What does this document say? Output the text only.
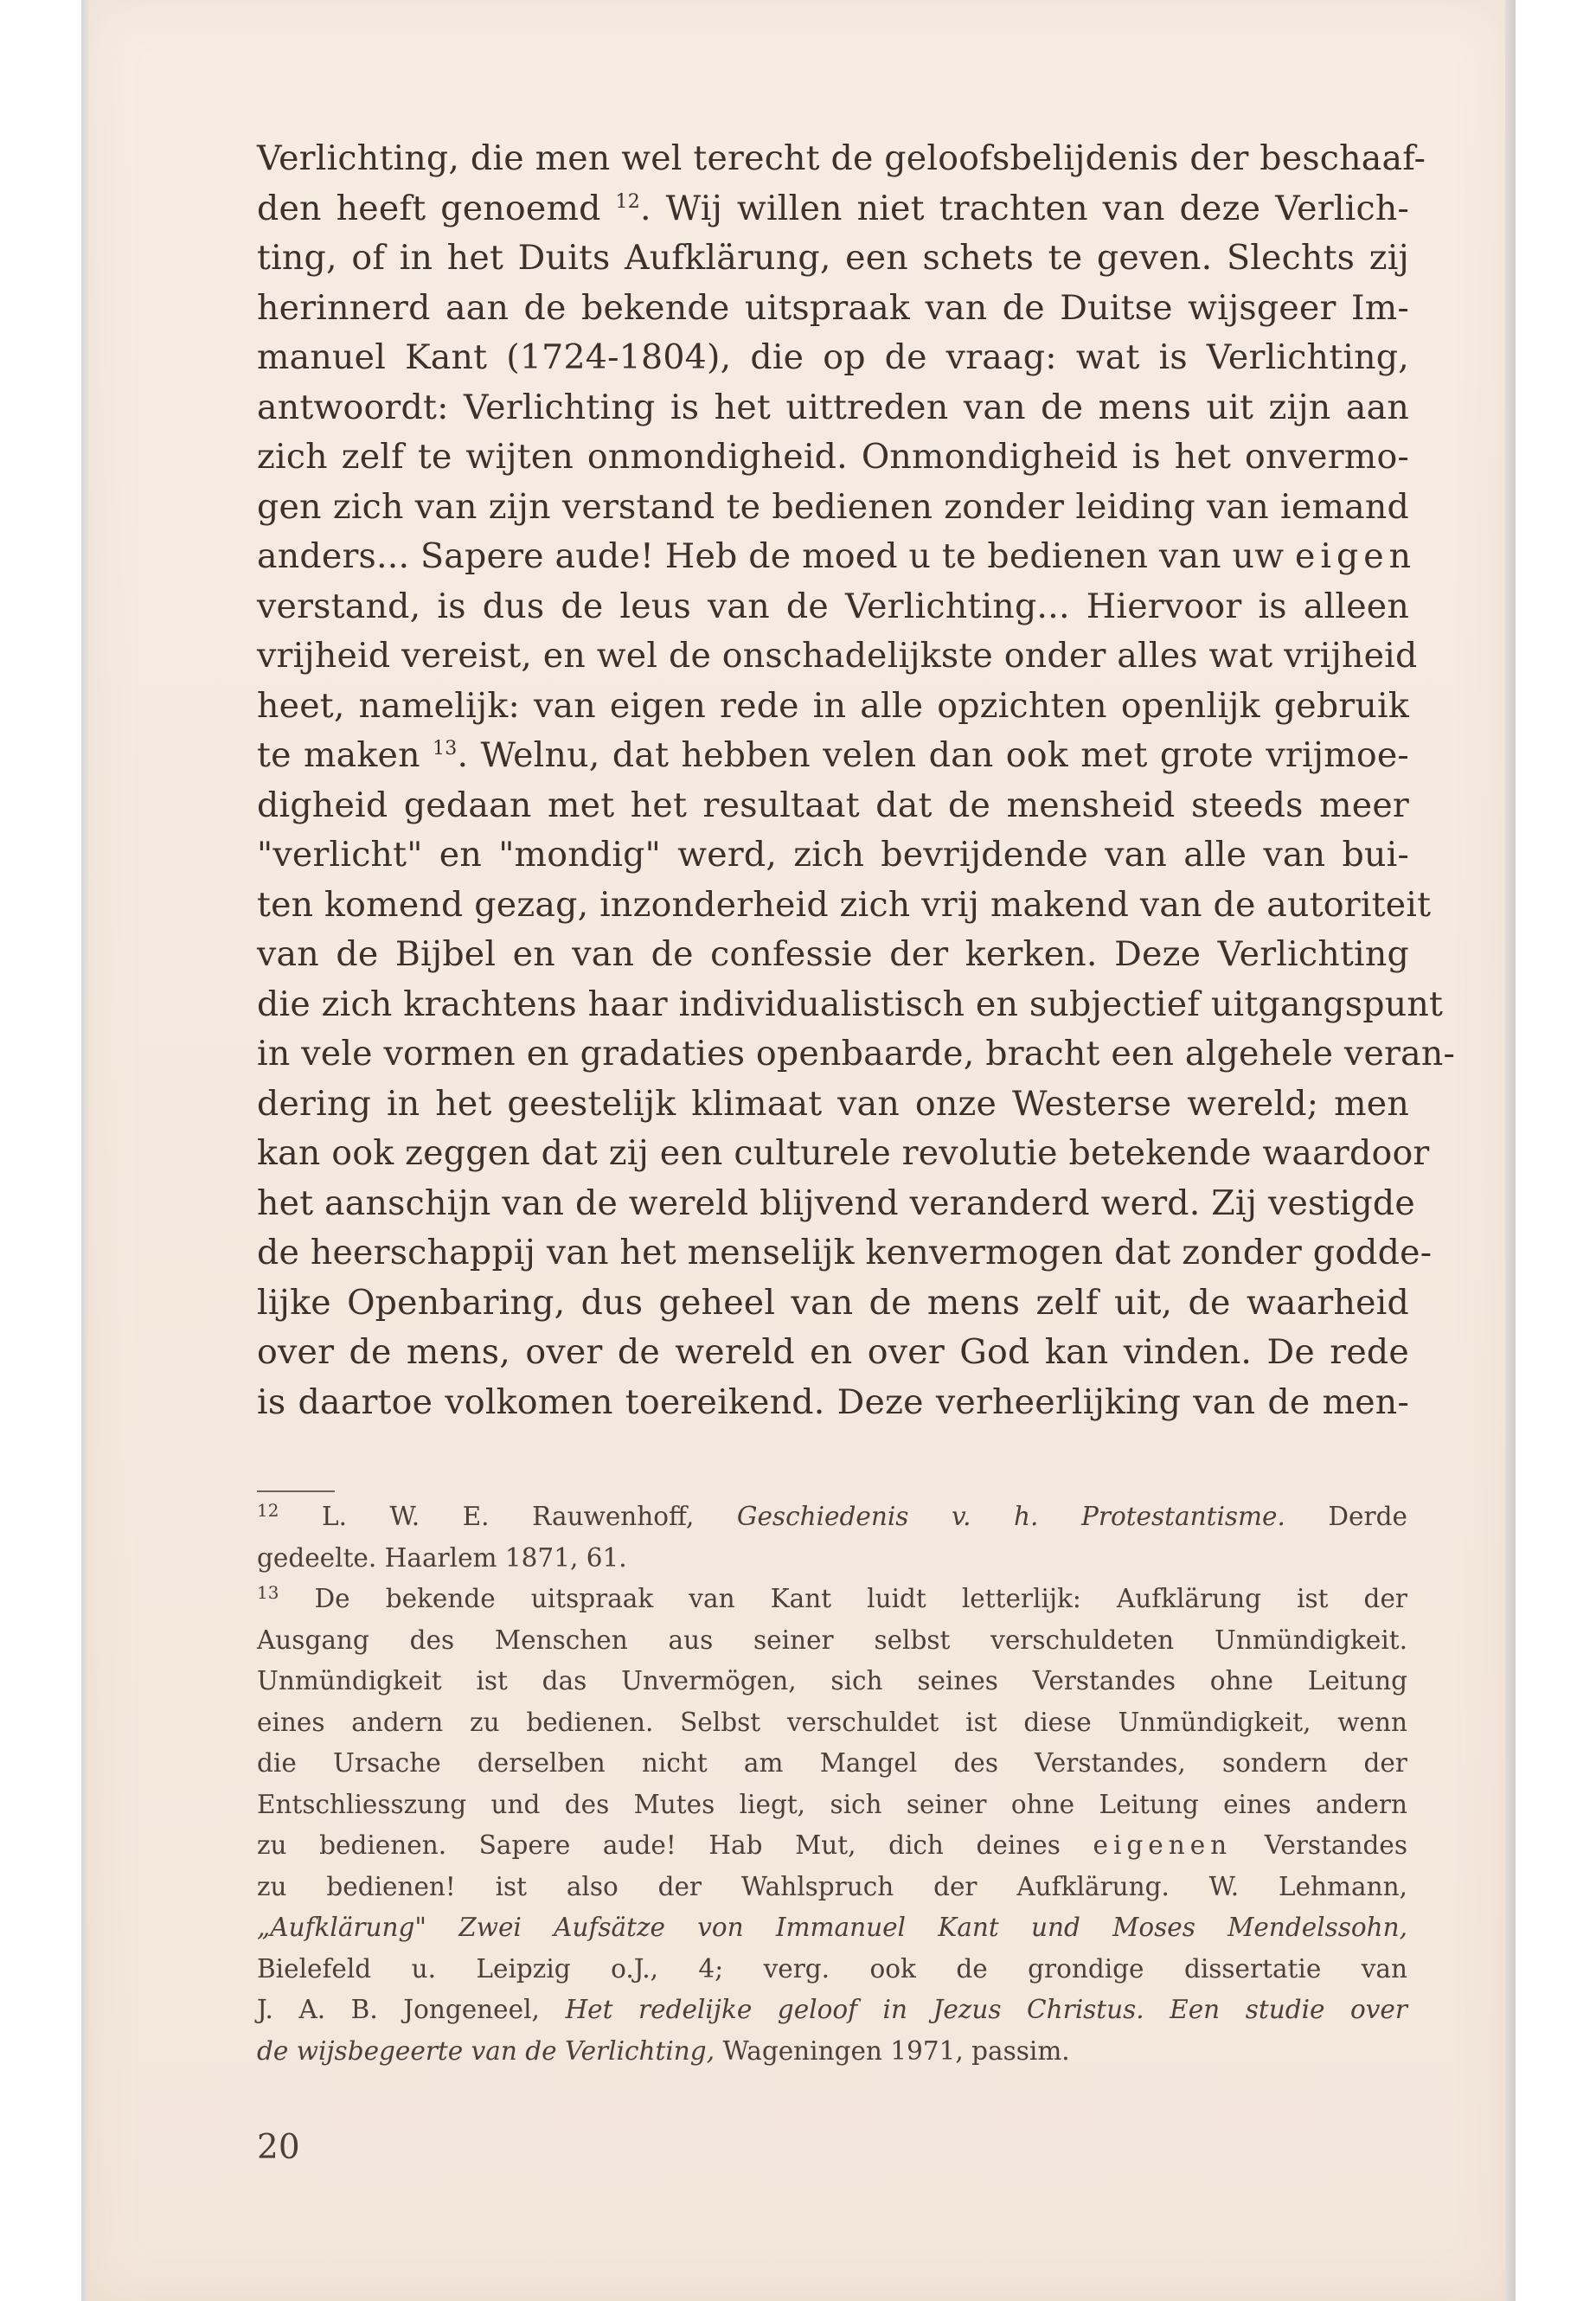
Verlichting, die men wel terecht de geloofsbelijdenis der beschaaf-
den heeft genoemd $^{12}$. Wij willen niet trachten van deze Verlich-
ting, of in het Duits Aufklärung, een schets te geven. Slechts zij
herinnerd aan de bekende uitspraak van de Duitse wijsgeer Im-
manuel Kant (1724-1804), die op de vraag: wat is Verlichting,
antwoordt: Verlichting is het uittreden van de mens uit zijn aan
zich zelf te wijten onmondigheid. Onmondigheid is het onvermo-
gen zich van zijn verstand te bedienen zonder leiding van iemand
anders... Sapere aude! Heb de moed u te bedienen van uw eigen
verstand, is dus de leus van de Verlichting... Hiervoor is alleen
vrijheid vereist, en wel de onschadelijkste onder alles wat vrijheid
heet, namelijk: van eigen rede in alle opzichten openlijk gebruik
te maken $^{13}$. Welnu, dat hebben velen dan ook met grote vrijmoe-
digheid gedaan met het resultaat dat de mensheid steeds meer
"verlicht" en "mondig" werd, zich bevrijdende van alle van bui-
ten komend gezag, inzonderheid zich vrij makend van de autoriteit
van de Bijbel en van de confessie der kerken. Deze Verlichting
die zich krachtens haar individualistisch en subjectief uitgangspunt
in vele vormen en gradaties openbaarde, bracht een algehele veran-
dering in het geestelijk klimaat van onze Westerse wereld; men
kan ook zeggen dat zij een culturele revolutie betekende waardoor
het aanschijn van de wereld blijvend veranderd werd. Zij vestigde
de heerschappij van het menselijk kenvermogen dat zonder godde-
lijke Openbaring, dus geheel van de mens zelf uit, de waarheid
over de mens, over de wereld en over God kan vinden. De rede
is daartoe volkomen toereikend. Deze verheerlijking van de men-
$^{12}$ L. W. E. Rauwenhoff, Geschiedenis v. h. Protestantisme. Derde
gedeelte. Haarlem 1871, 61.
$^{13}$ De bekende uitspraak van Kant luidt letterlijk: Aufklärung ist der
Ausgang des Menschen aus seiner selbst verschuldeten Unmündigkeit.
Unmündigkeit ist das Unvermögen, sich seines Verstandes ohne Leitung
eines andern zu bedienen. Selbst verschuldet ist diese Unmündigkeit, wenn
die Ursache derselben nicht am Mangel des Verstandes, sondern der
Entschliesszung und des Mutes liegt, sich seiner ohne Leitung eines andern
zu bedienen. Sapere aude! Hab Mut, dich deines eigenen Verstandes
zu bedienen! ist also der Wahlspruch der Aufklärung. W. Lehmann,
„Aufklärung" Zwei Aufsätze von Immanuel Kant und Moses Mendelssohn,
Bielefeld u. Leipzig o.J., 4; verg. ook de grondige dissertatie van
J. A. B. Jongeneel, Het redelijke geloof in Jezus Christus. Een studie over
de wijsbegeerte van de Verlichting, Wageningen 1971, passim.
20
